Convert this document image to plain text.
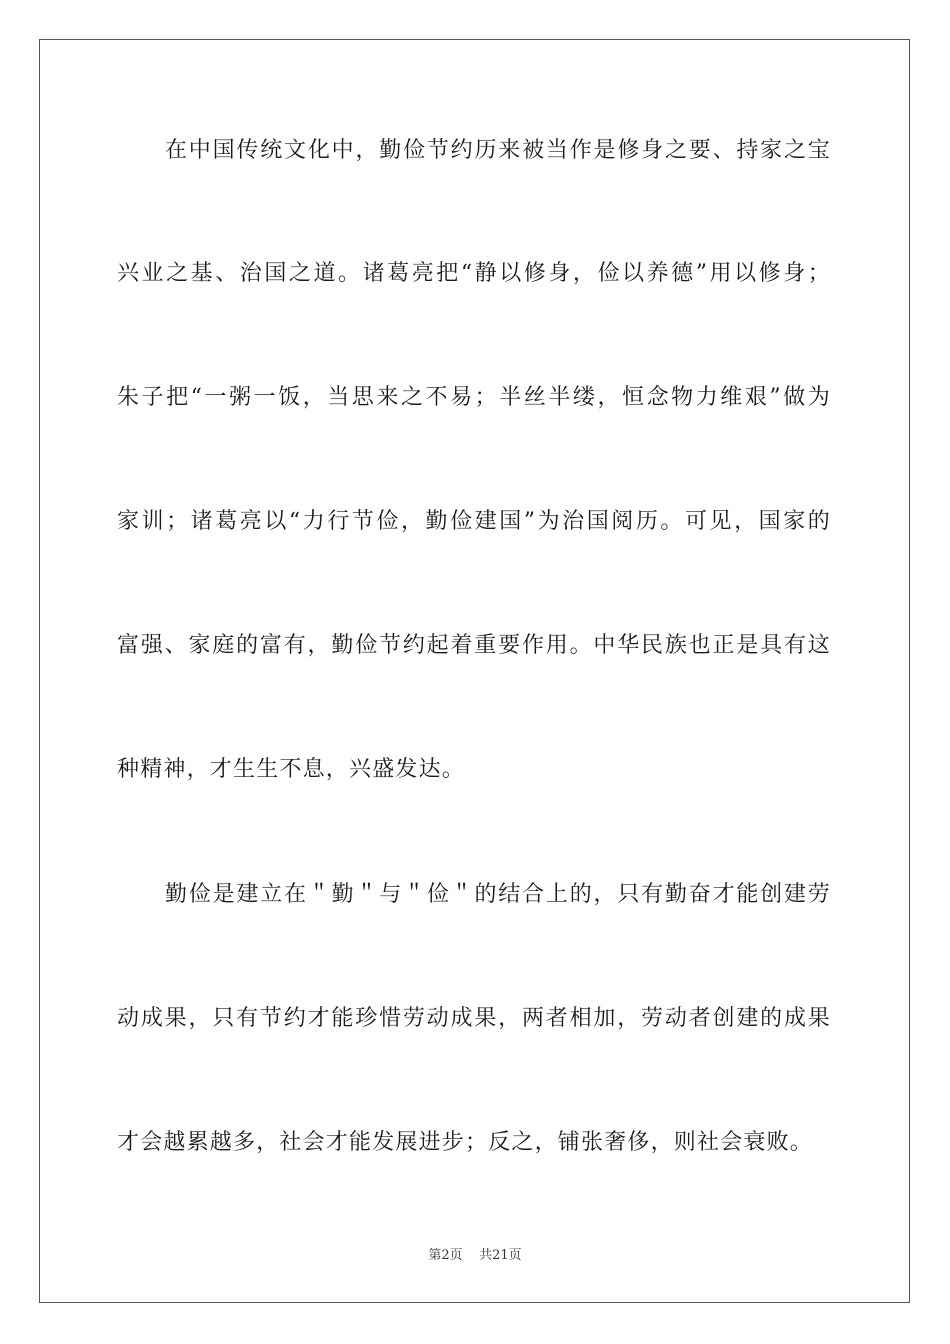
在中国传统文化中，勤俭节约历来被当作是修身之要、持家之宝
兴业之基、治国之道。诸葛亮把“静以修身，俭以养德”用以修身；
朱子把“一粥一饭，当思来之不易；半丝半缕，恒念物力维艰”做为
家训；诸葛亮以“力行节俭，勤俭建国”为治国阅历。可见，国家的
富强、家庭的富有，勤俭节约起着重要作用。中华民族也正是具有这
种精神，才生生不息，兴盛发达。
勤俭是建立在＂勤＂与＂俭＂的结合上的，只有勤奋才能创建劳
动成果，只有节约才能珍惜劳动成果，两者相加，劳动者创建的成果
才会越累越多，社会才能发展进步；反之，铺张奢侈，则社会衰败。
第2页 共21页
